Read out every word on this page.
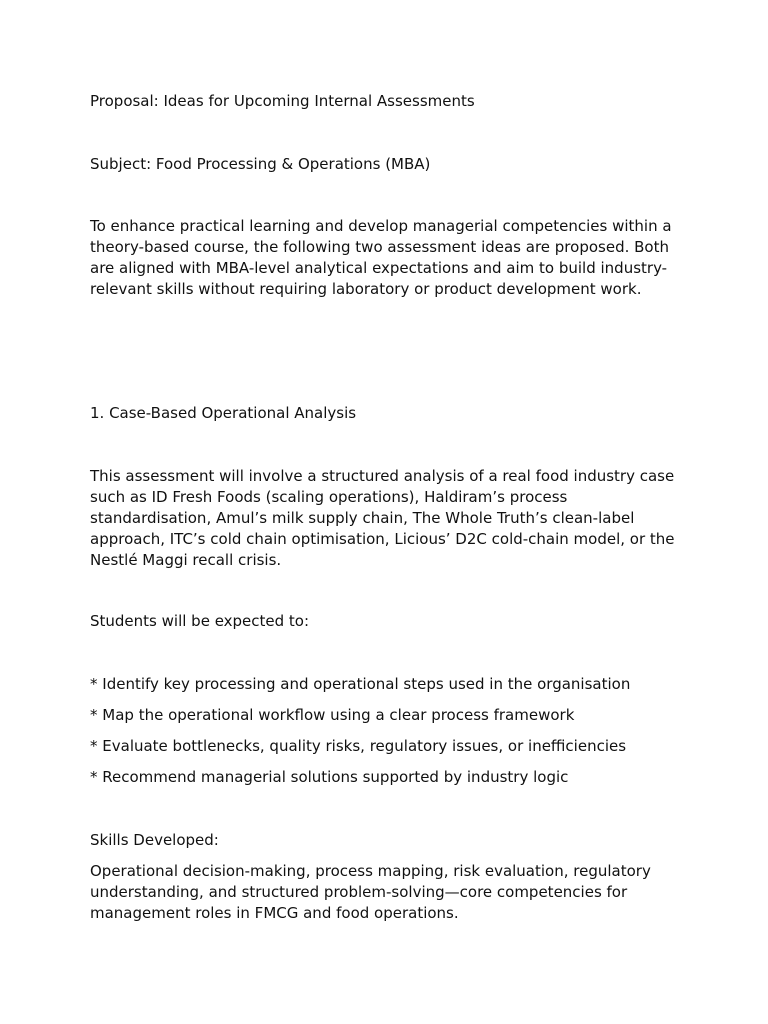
Proposal: Ideas for Upcoming Internal Assessments

Subject: Food Processing & Operations (MBA)

To enhance practical learning and develop managerial competencies within a
theory-based course, the following two assessment ideas are proposed. Both
are aligned with MBA-level analytical expectations and aim to build industry-
relevant skills without requiring laboratory or product development work.

1. Case-Based Operational Analysis

This assessment will involve a structured analysis of a real food industry case
such as ID Fresh Foods (scaling operations), Haldiram’s process
standardisation, Amul’s milk supply chain, The Whole Truth’s clean-label
approach, ITC’s cold chain optimisation, Licious’ D2C cold-chain model, or the
Nestlé Maggi recall crisis.

Students will be expected to:

* Identify key processing and operational steps used in the organisation

* Map the operational workflow using a clear process framework

* Evaluate bottlenecks, quality risks, regulatory issues, or inefficiencies

* Recommend managerial solutions supported by industry logic

Skills Developed:

Operational decision-making, process mapping, risk evaluation, regulatory
understanding, and structured problem-solving—core competencies for
management roles in FMCG and food operations.
